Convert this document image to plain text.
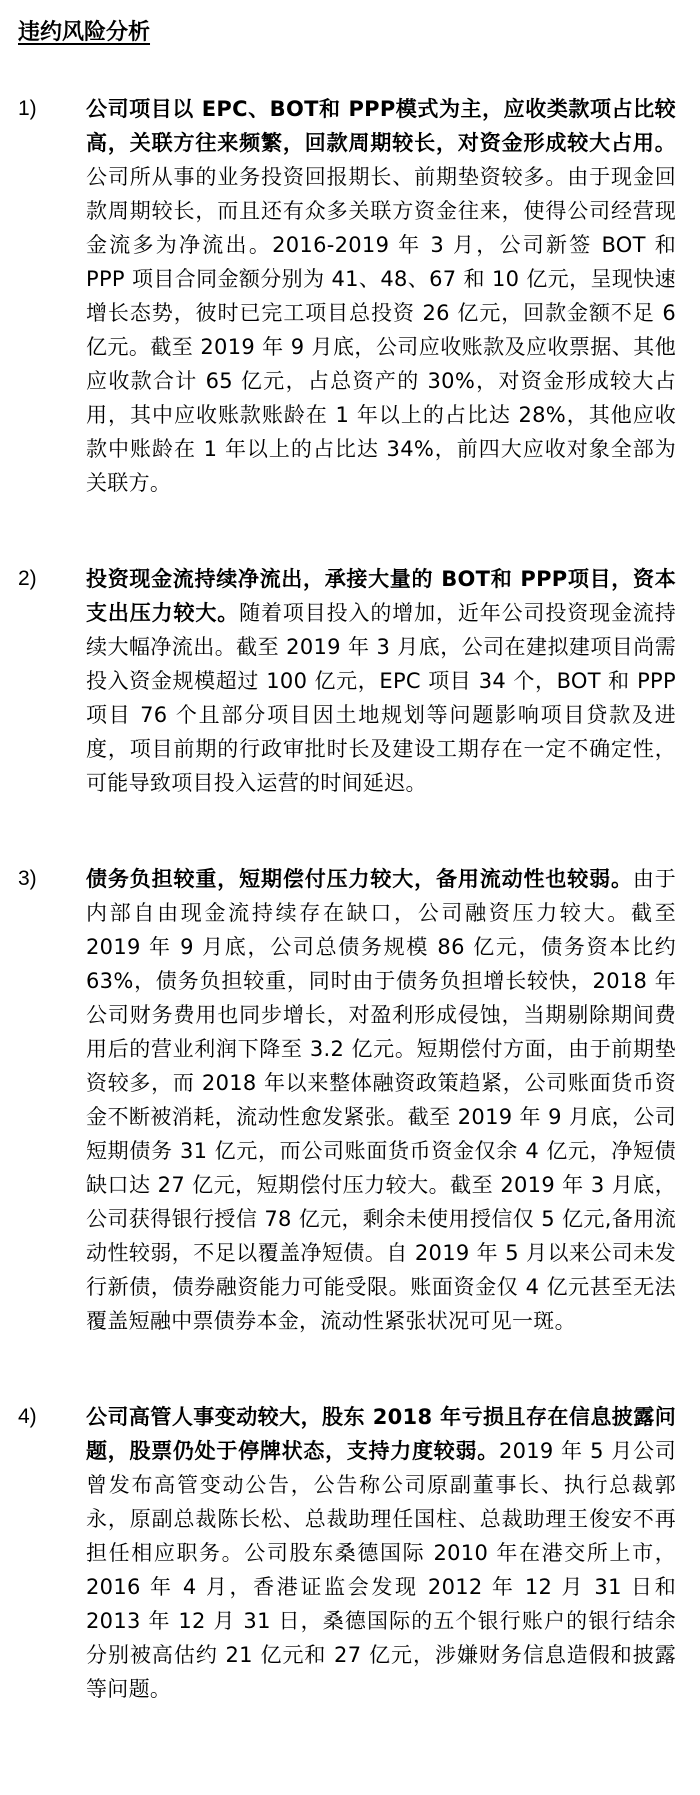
违约风险分析
1) 公司项目以 EPC、BOT和 PPP模式为主，应收类款项占比较高，关联方往来频繁，回款周期较长，对资金形成较大占用。公司所从事的业务投资回报期长、前期垫资较多。由于现金回款周期较长，而且还有众多关联方资金往来，使得公司经营现金流多为净流出。2016-2019 年 3 月，公司新签 BOT 和 PPP 项目合同金额分别为 41、48、67 和 10 亿元，呈现快速增长态势，彼时已完工项目总投资 26 亿元，回款金额不足 6 亿元。截至 2019 年 9 月底，公司应收账款及应收票据、其他应收款合计 65 亿元，占总资产的 30%，对资金形成较大占用，其中应收账款账龄在 1 年以上的占比达 28%，其他应收款中账龄在 1 年以上的占比达 34%，前四大应收对象全部为关联方。
2) 投资现金流持续净流出，承接大量的 BOT和 PPP项目，资本支出压力较大。随着项目投入的增加，近年公司投资现金流持续大幅净流出。截至 2019 年 3 月底，公司在建拟建项目尚需投入资金规模超过 100 亿元，EPC 项目 34 个，BOT 和 PPP 项目 76 个且部分项目因土地规划等问题影响项目贷款及进度，项目前期的行政审批时长及建设工期存在一定不确定性，可能导致项目投入运营的时间延迟。
3) 债务负担较重，短期偿付压力较大，备用流动性也较弱。由于内部自由现金流持续存在缺口，公司融资压力较大。截至 2019 年 9 月底，公司总债务规模 86 亿元，债务资本比约 63%，债务负担较重，同时由于债务负担增长较快，2018 年公司财务费用也同步增长，对盈利形成侵蚀，当期剔除期间费用后的营业利润下降至 3.2 亿元。短期偿付方面，由于前期垫资较多，而 2018 年以来整体融资政策趋紧，公司账面货币资金不断被消耗，流动性愈发紧张。截至 2019 年 9 月底，公司短期债务 31 亿元，而公司账面货币资金仅余 4 亿元，净短债缺口达 27 亿元，短期偿付压力较大。截至 2019 年 3 月底，公司获得银行授信 78 亿元，剩余未使用授信仅 5 亿元,备用流动性较弱，不足以覆盖净短债。自 2019 年 5 月以来公司未发行新债，债券融资能力可能受限。账面资金仅 4 亿元甚至无法覆盖短融中票债券本金，流动性紧张状况可见一斑。
4) 公司高管人事变动较大，股东 2018 年亏损且存在信息披露问题，股票仍处于停牌状态，支持力度较弱。2019 年 5 月公司曾发布高管变动公告，公告称公司原副董事长、执行总裁郭永，原副总裁陈长松、总裁助理任国柱、总裁助理王俊安不再担任相应职务。公司股东桑德国际 2010 年在港交所上市，2016 年 4 月，香港证监会发现 2012 年 12 月 31 日和 2013 年 12 月 31 日，桑德国际的五个银行账户的银行结余分别被高估约 21 亿元和 27 亿元，涉嫌财务信息造假和披露等问题。
